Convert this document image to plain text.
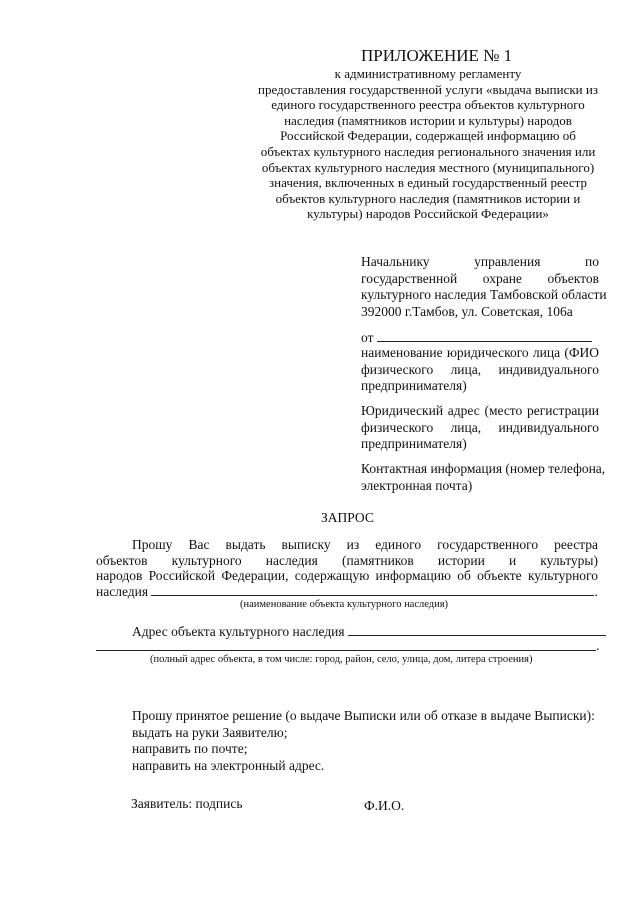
ПРИЛОЖЕНИЕ № 1
к административному регламенту
предоставления государственной услуги «выдача выписки из
единого государственного реестра объектов культурного
наследия (памятников истории и культуры) народов
Российской Федерации, содержащей информацию об
объектах культурного наследия регионального значения или
объектах культурного наследия местного (муниципального)
значения, включенных в единый государственный реестр
объектов культурного наследия (памятников истории и
культуры) народов Российской Федерации»
Начальнику управления по
государственной охране объектов
культурного наследия Тамбовской области
392000 г.Тамбов, ул. Советская, 106а
от
наименование юридического лица (ФИО
физического лица, индивидуального
предпринимателя)
Юридический адрес (место регистрации
физического лица, индивидуального
предпринимателя)
Контактная информация (номер телефона,
электронная почта)
ЗАПРОС
Прошу Вас выдать выписку из единого государственного реестра
объектов культурного наследия (памятников истории и культуры)
народов Российской Федерации, содержащую информацию об объекте культурного
наследия	.
(наименование объекта культурного наследия)
Адрес объекта культурного наследия
.
(полный адрес объекта, в том числе: город, район, село, улица, дом, литера строения)
Прошу принятое решение (о выдаче Выписки или об отказе в выдаче Выписки):
выдать на руки Заявителю;
направить по почте;
направить на электронный адрес.
Заявитель: подпись	Ф.И.О.
